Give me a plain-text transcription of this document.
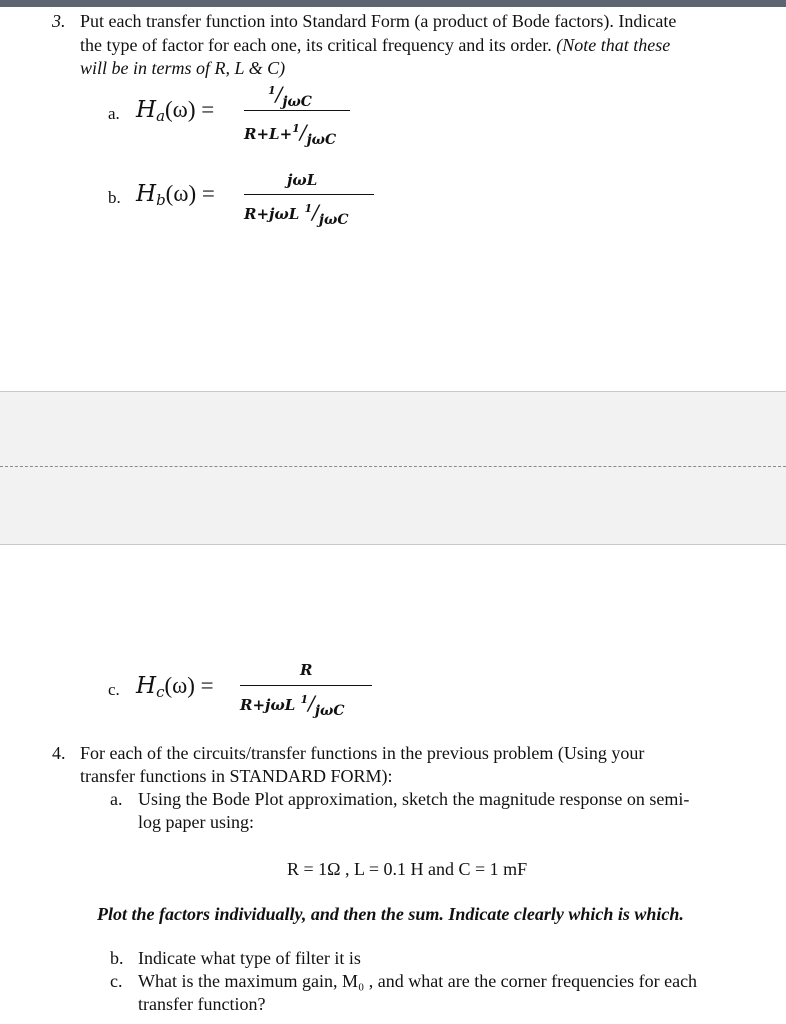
3. Put each transfer function into Standard Form (a product of Bode factors). Indicate
the type of factor for each one, its critical frequency and its order. (Note that these
will be in terms of R, L & C)
a. Ha(ω) =
$^1$/jωC
R+L+$^1$/jωC
b. Hb(ω) =
jωL
R+jωL $^1$/jωC
c. Hc(ω) =
R
R+jωL $^1$/jωC
4. For each of the circuits/transfer functions in the previous problem (Using your
transfer functions in STANDARD FORM):
a. Using the Bode Plot approximation, sketch the magnitude response on semi-
log paper using:
R = 1Ω , L = 0.1 H and C = 1 mF
Plot the factors individually, and then the sum. Indicate clearly which is which.
b. Indicate what type of filter it is
c. What is the maximum gain, M₀ , and what are the corner frequencies for each
transfer function?
